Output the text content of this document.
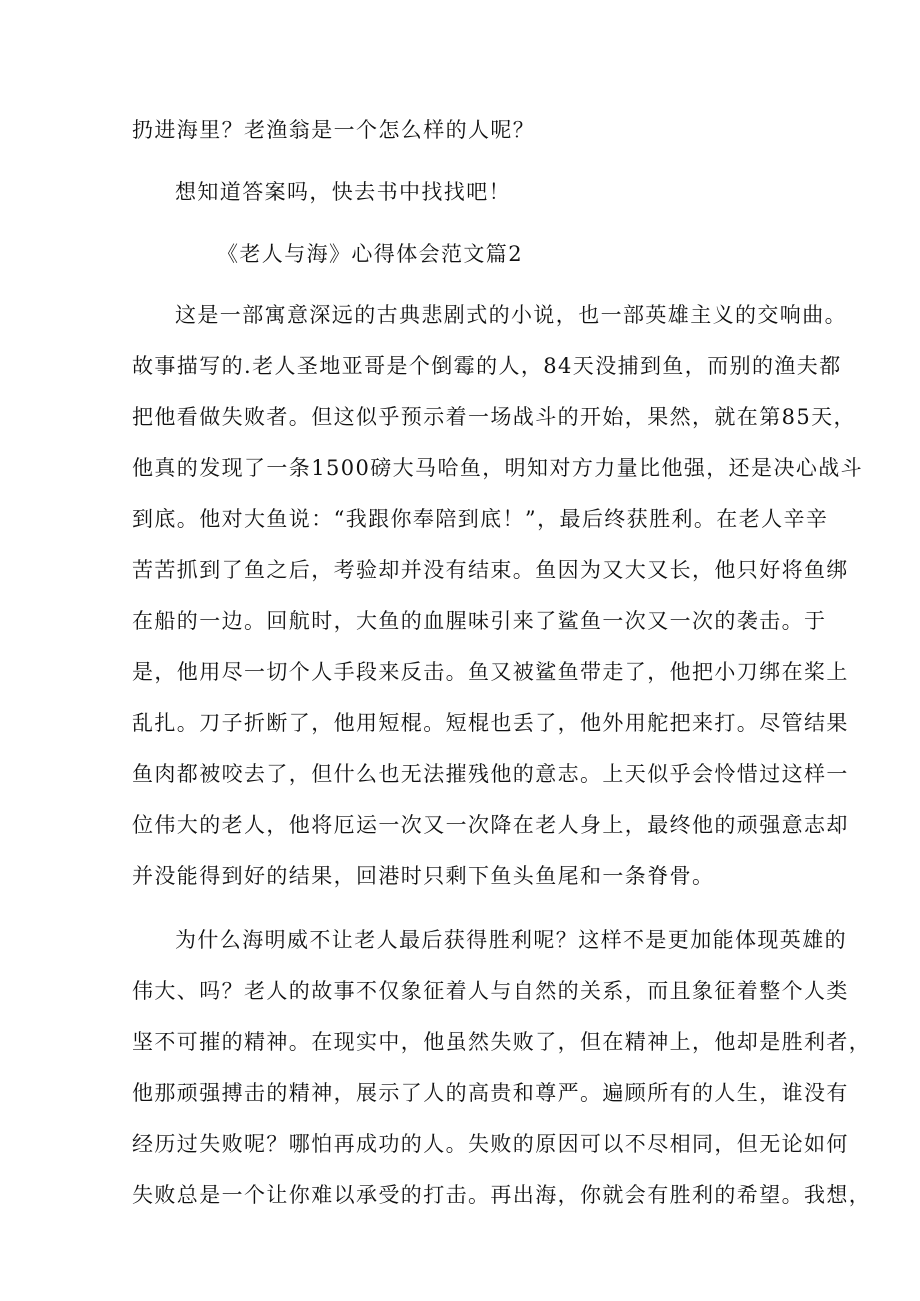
扔进海里？老渔翁是一个怎么样的人呢？

想知道答案吗，快去书中找找吧！

《老人与海》心得体会范文篇2

这是一部寓意深远的古典悲剧式的小说，也一部英雄主义的交响曲。

故事描写的.老人圣地亚哥是个倒霉的人，84天没捕到鱼，而别的渔夫都

把他看做失败者。但这似乎预示着一场战斗的开始，果然，就在第85天，

他真的发现了一条1500磅大马哈鱼，明知对方力量比他强，还是决心战斗

到底。他对大鱼说：“我跟你奉陪到底！”，最后终获胜利。在老人辛辛

苦苦抓到了鱼之后，考验却并没有结束。鱼因为又大又长，他只好将鱼绑

在船的一边。回航时，大鱼的血腥味引来了鲨鱼一次又一次的袭击。于

是，他用尽一切个人手段来反击。鱼又被鲨鱼带走了，他把小刀绑在桨上

乱扎。刀子折断了，他用短棍。短棍也丢了，他外用舵把来打。尽管结果

鱼肉都被咬去了，但什么也无法摧残他的意志。上天似乎会怜惜过这样一

位伟大的老人，他将厄运一次又一次降在老人身上，最终他的顽强意志却

并没能得到好的结果，回港时只剩下鱼头鱼尾和一条脊骨。

为什么海明威不让老人最后获得胜利呢？这样不是更加能体现英雄的

伟大、吗？老人的故事不仅象征着人与自然的关系，而且象征着整个人类

坚不可摧的精神。在现实中，他虽然失败了，但在精神上，他却是胜利者，

他那顽强搏击的精神，展示了人的高贵和尊严。遍顾所有的人生，谁没有

经历过失败呢？哪怕再成功的人。失败的原因可以不尽相同，但无论如何

失败总是一个让你难以承受的打击。再出海，你就会有胜利的希望。我想，
